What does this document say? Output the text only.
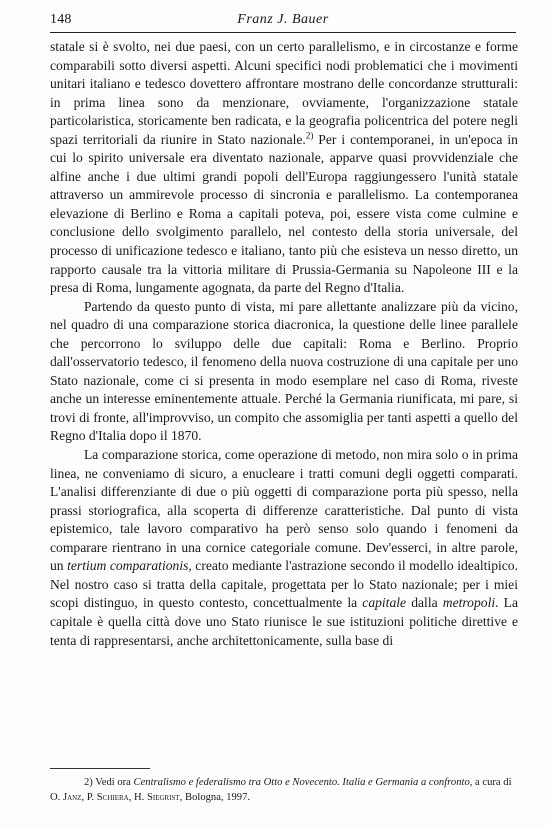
148	Franz J. Bauer

statale si è svolto, nei due paesi, con un certo parallelismo, e in circostanze e forme comparabili sotto diversi aspetti. Alcuni specifici nodi problematici che i movimenti unitari italiano e tedesco dovettero affrontare mostrano delle concordanze strutturali: in prima linea sono da menzionare, ovviamente, l'organizzazione statale particolaristica, storicamente ben radicata, e la geografia policentrica del potere negli spazi territoriali da riunire in Stato nazionale.$^{2)}$ Per i contemporanei, in un'epoca in cui lo spirito universale era diventato nazionale, apparve quasi provvidenziale che alfine anche i due ultimi grandi popoli dell'Europa raggiungessero l'unità statale attraverso un ammirevole processo di sincronia e parallelismo. La contemporanea elevazione di Berlino e Roma a capitali poteva, poi, essere vista come culmine e conclusione dello svolgimento parallelo, nel contesto della storia universale, del processo di unificazione tedesco e italiano, tanto più che esisteva un nesso diretto, un rapporto causale tra la vittoria militare di Prussia-Germania su Napoleone III e la presa di Roma, lungamente agognata, da parte del Regno d'Italia.

Partendo da questo punto di vista, mi pare allettante analizzare più da vicino, nel quadro di una comparazione storica diacronica, la questione delle linee parallele che percorrono lo sviluppo delle due capitali: Roma e Berlino. Proprio dall'osservatorio tedesco, il fenomeno della nuova costruzione di una capitale per uno Stato nazionale, come ci si presenta in modo esemplare nel caso di Roma, riveste anche un interesse eminentemente attuale. Perché la Germania riunificata, mi pare, si trovi di fronte, all'improvviso, un compito che assomiglia per tanti aspetti a quello del Regno d'Italia dopo il 1870.

La comparazione storica, come operazione di metodo, non mira solo o in prima linea, ne conveniamo di sicuro, a enucleare i tratti comuni degli oggetti comparati. L'analisi differenziante di due o più oggetti di comparazione porta più spesso, nella prassi storiografica, alla scoperta di differenze caratteristiche. Dal punto di vista epistemico, tale lavoro comparativo ha però senso solo quando i fenomeni da comparare rientrano in una cornice categoriale comune. Dev'esserci, in altre parole, un tertium comparationis, creato mediante l'astrazione secondo il modello idealtipico. Nel nostro caso si tratta della capitale, progettata per lo Stato nazionale; per i miei scopi distinguo, in questo contesto, concettualmente la capitale dalla metropoli. La capitale è quella città dove uno Stato riunisce le sue istituzioni politiche direttive e tenta di rappresentarsi, anche architettonicamente, sulla base di

2) Vedi ora Centralismo e federalismo tra Otto e Novecento. Italia e Germania a confronto, a cura di O. Janz, P. Schiera, H. Siegrist, Bologna, 1997.
